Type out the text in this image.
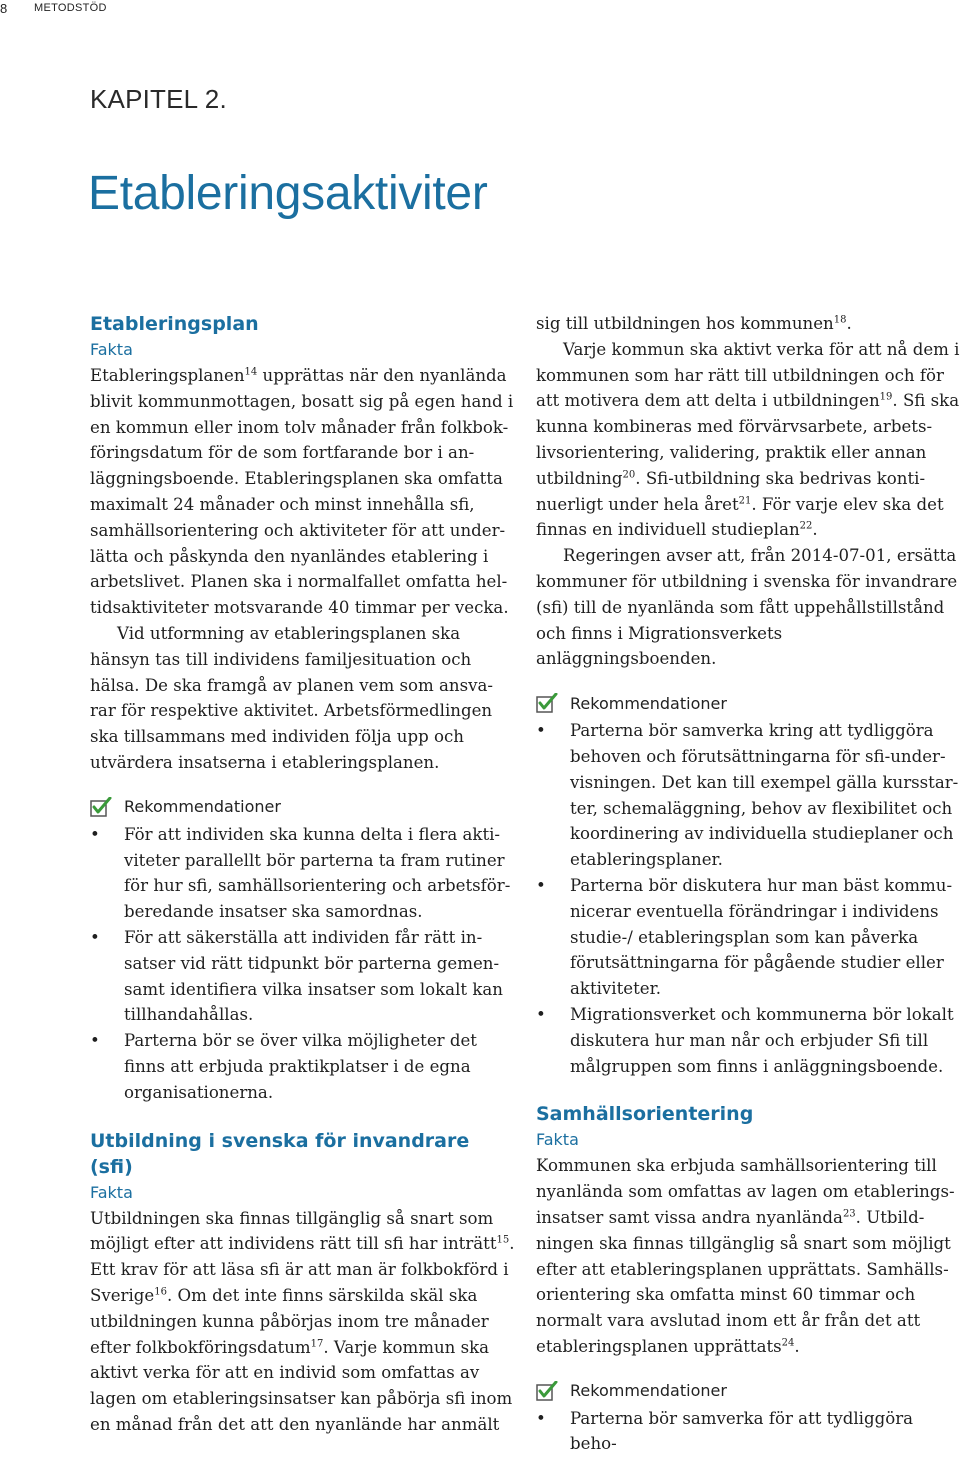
8 METODSTÖD
KAPITEL 2.
Etableringsaktiviter
Etableringsplan
Fakta

Etableringsplanen$^{14}$ upprättas när den nyanlända blivit kommunmottagen, bosatt sig på egen hand i en kommun eller inom tolv månader från folkbok-föringsdatum för de som fortfarande bor i an-läggningsboende. Etableringsplanen ska omfatta maximalt 24 månader och minst innehålla sfi, samhällsorientering och aktiviteter för att under-lätta och påskynda den nyanländes etablering i arbetslivet. Planen ska i normalfallet omfatta hel-tidsaktiviteter motsvarande 40 timmar per vecka.

Vid utformning av etableringsplanen ska hänsyn tas till individens familjesituation och hälsa. De ska framgå av planen vem som ansva-rar för respektive aktivitet. Arbetsförmedlingen ska tillsammans med individen följa upp och utvärdera insatserna i etableringsplanen.

Rekommendationer
• För att individen ska kunna delta i flera akti-viteter parallellt bör parterna ta fram rutiner för hur sfi, samhällsorientering och arbetsför-beredande insatser ska samordnas.
• För att säkerställa att individen får rätt in-satser vid rätt tidpunkt bör parterna gemen-samt identifiera vilka insatser som lokalt kan tillhandahållas.
• Parterna bör se över vilka möjligheter det finns att erbjuda praktikplatser i de egna organisationerna.
Utbildning i svenska för invandrare (sfi)
Fakta

Utbildningen ska finnas tillgänglig så snart som möjligt efter att individens rätt till sfi har inträtt$^{15}$. Ett krav för att läsa sfi är att man är folkbokförd i Sverige$^{16}$. Om det inte finns särskilda skäl ska utbildningen kunna påbörjas inom tre månader efter folkbokföringsdatum$^{17}$. Varje kommun ska aktivt verka för att en individ som omfattas av lagen om etableringsinsatser kan påbörja sfi inom en månad från det att den nyanlände har anmält

sig till utbildningen hos kommunen$^{18}$.

Varje kommun ska aktivt verka för att nå dem i kommunen som har rätt till utbildningen och för att motivera dem att delta i utbildningen$^{19}$. Sfi ska kunna kombineras med förvärvsarbete, arbets-livsorientering, validering, praktik eller annan utbildning$^{20}$. Sfi-utbildning ska bedrivas konti-nuerligt under hela året$^{21}$. För varje elev ska det finnas en individuell studieplan$^{22}$.

Regeringen avser att, från 2014-07-01, ersätta kommuner för utbildning i svenska för invandrare (sfi) till de nyanlända som fått uppehållstillstånd och finns i Migrationsverkets anläggningsboenden.

Rekommendationer
• Parterna bör samverka kring att tydliggöra behoven och förutsättningarna för sfi-under-visningen. Det kan till exempel gälla kursstar-ter, schemaläggning, behov av flexibilitet och koordinering av individuella studieplaner och etableringsplaner.
• Parterna bör diskutera hur man bäst kommu-nicerar eventuella förändringar i individens studie-/ etableringsplan som kan påverka förutsättningarna för pågående studier eller aktiviteter.
• Migrationsverket och kommunerna bör lokalt diskutera hur man når och erbjuder Sfi till målgruppen som finns i anläggningsboende.
Samhällsorientering
Fakta

Kommunen ska erbjuda samhällsorientering till nyanlända som omfattas av lagen om etablerings-insatser samt vissa andra nyanlända$^{23}$. Utbild-ningen ska finnas tillgänglig så snart som möjligt efter att etableringsplanen upprättats. Samhälls-orientering ska omfatta minst 60 timmar och normalt vara avslutad inom ett år från det att etableringsplanen upprättats$^{24}$.

Rekommendationer
• Parterna bör samverka för att tydliggöra beho-
